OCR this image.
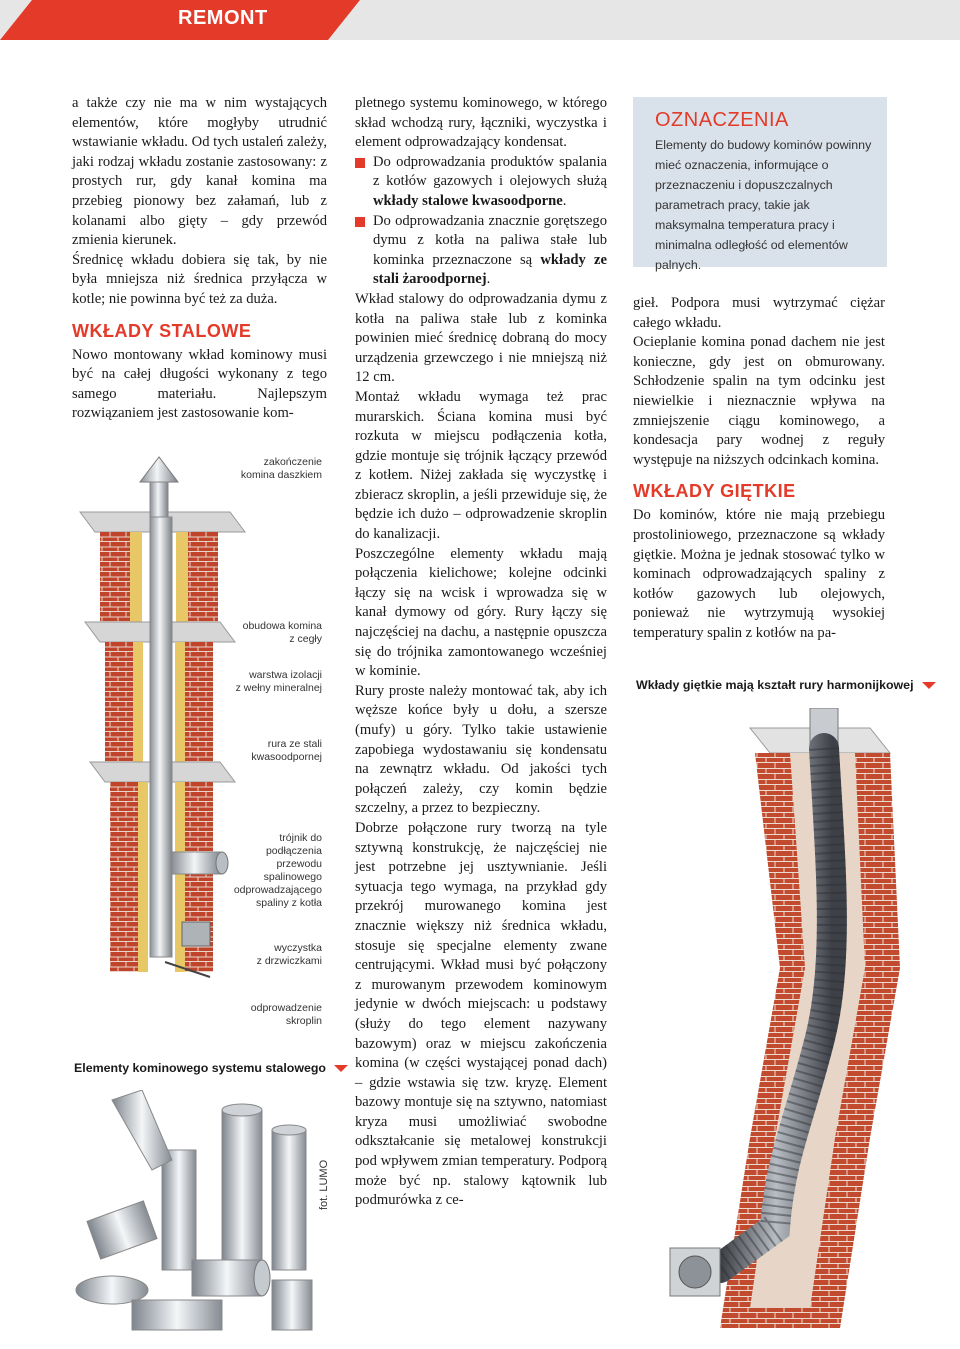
REMONT

a także czy nie ma w nim wystających elementów, które mogłyby utrudnić wstawianie wkładu. Od tych ustaleń zależy, jaki rodzaj wkładu zostanie zastosowany: z prostych rur, gdy kanał komina ma przebieg pionowy bez załamań, lub z kolanami albo gięty – gdy przewód zmienia kierunek.

Średnicę wkładu dobiera się tak, by nie była mniejsza niż średnica przyłącza w kotle; nie powinna być też za duża.

WKŁADY STALOWE

Nowo montowany wkład kominowy musi być na całej długości wykonany z tego samego materiału. Najlepszym rozwiązaniem jest zastosowanie kom-

pletnego systemu kominowego, w którego skład wchodzą rury, łączniki, wyczystka i element odprowadzający kondensat.

Do odprowadzania produktów spalania z kotłów gazowych i olejowych służą wkłady stalowe kwasoodporne.
Do odprowadzania znacznie gorętszego dymu z kotła na paliwa stałe lub kominka przeznaczone są wkłady ze stali żaroodpornej.

Wkład stalowy do odprowadzania dymu z kotła na paliwa stałe lub z kominka powinien mieć średnicę dobraną do mocy urządzenia grzewczego i nie mniejszą niż 12 cm.

Montaż wkładu wymaga też prac murarskich. Ściana komina musi być rozkuta w miejscu podłączenia kotła, gdzie montuje się trójnik łączący przewód z kotłem. Niżej zakłada się wyczystkę i zbieracz skroplin, a jeśli przewiduje się, że będzie ich dużo – odprowadzenie skroplin do kanalizacji.

Poszczególne elementy wkładu mają połączenia kielichowe; kolejne odcinki łączy się na wcisk i wprowadza się w kanał dymowy od góry. Rury łączy się najczęściej na dachu, a następnie opuszcza się do trójnika zamontowanego wcześniej w kominie.

Rury proste należy montować tak, aby ich węższe końce były u dołu, a szersze (mufy) u góry. Tylko takie ustawienie zapobiega wydostawaniu się kondensatu na zewnątrz wkładu. Od jakości tych połączeń zależy, czy komin będzie szczelny, a przez to bezpieczny.

Dobrze połączone rury tworzą na tyle sztywną konstrukcję, że najczęściej nie jest potrzebne jej usztywnianie. Jeśli sytuacja tego wymaga, na przykład gdy przekrój murowanego komina jest znacznie większy niż średnica wkładu, stosuje się specjalne elementy zwane centrującymi. Wkład musi być połączony z murowanym przewodem kominowym jedynie w dwóch miejscach: u podstawy (służy do tego element nazywany bazowym) oraz w miejscu zakończenia komina (w części wystającej ponad dach) – gdzie wstawia się tzw. kryzę. Element bazowy montuje się na sztywno, natomiast kryza musi umożliwiać swobodne odkształcanie się metalowej konstrukcji pod wpływem zmian temperatury. Podporą może być np. stalowy kątownik lub podmurówka z ce-

OZNACZENIA
Elementy do budowy kominów powinny mieć oznaczenia, informujące o przeznaczeniu i dopuszczalnych parametrach pracy, takie jak maksymalna temperatura pracy i minimalna odległość od elementów palnych.

gieł. Podpora musi wytrzymać ciężar całego wkładu.

Ocieplanie komina ponad dachem nie jest konieczne, gdy jest on obmurowany. Schłodzenie spalin na tym odcinku jest niewielkie i nieznacznie wpływa na zmniejszenie ciągu kominowego, a kondesacja pary wodnej z reguły występuje na niższych odcinkach komina.

WKŁADY GIĘTKIE

Do kominów, które nie mają przebiegu prostoliniowego, przeznaczone są wkłady giętkie. Można je jednak stosować tylko w kominach odprowadzających spaliny z kotłów gazowych lub olejowych, ponieważ nie wytrzymują wysokiej temperatury spalin z kotłów na pa-

zakończenie
komina daszkiem
obudowa komina
z cegły
warstwa izolacji
z wełny mineralnej
rura ze stali
kwasoodpornej
trójnik do
podłączenia
przewodu
spalinowego
odprowadzającego
spaliny z kotła
wyczystka
z drzwiczkami
odprowadzenie
skroplin
Elementy kominowego systemu stalowego
fot. LUMO
Wkłady giętkie mają kształt rury harmonijkowej
